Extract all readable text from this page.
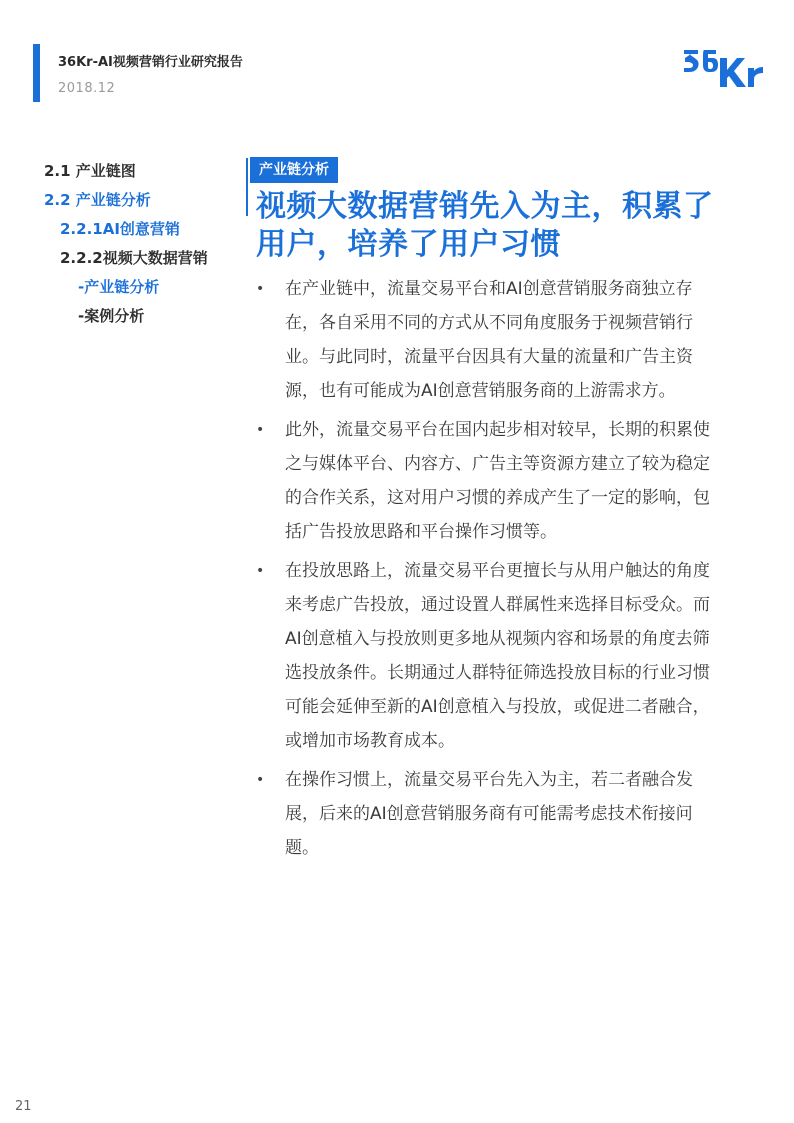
36Kr-AI视频营销行业研究报告
2018.12
36Kr
2.1 产业链图
2.2 产业链分析
2.2.1AI创意营销
2.2.2视频大数据营销
-产业链分析
-案例分析
产业链分析
视频大数据营销先入为主，积累了用户，培养了用户习惯
• 在产业链中，流量交易平台和AI创意营销服务商独立存在，各自采用不同的方式从不同角度服务于视频营销行业。与此同时，流量平台因具有大量的流量和广告主资源，也有可能成为AI创意营销服务商的上游需求方。
• 此外，流量交易平台在国内起步相对较早，长期的积累使之与媒体平台、内容方、广告主等资源方建立了较为稳定的合作关系，这对用户习惯的养成产生了一定的影响，包括广告投放思路和平台操作习惯等。
• 在投放思路上，流量交易平台更擅长与从用户触达的角度来考虑广告投放，通过设置人群属性来选择目标受众。而AI创意植入与投放则更多地从视频内容和场景的角度去筛选投放条件。长期通过人群特征筛选投放目标的行业习惯可能会延伸至新的AI创意植入与投放，或促进二者融合，或增加市场教育成本。
• 在操作习惯上，流量交易平台先入为主，若二者融合发展，后来的AI创意营销服务商有可能需考虑技术衔接问题。
21
